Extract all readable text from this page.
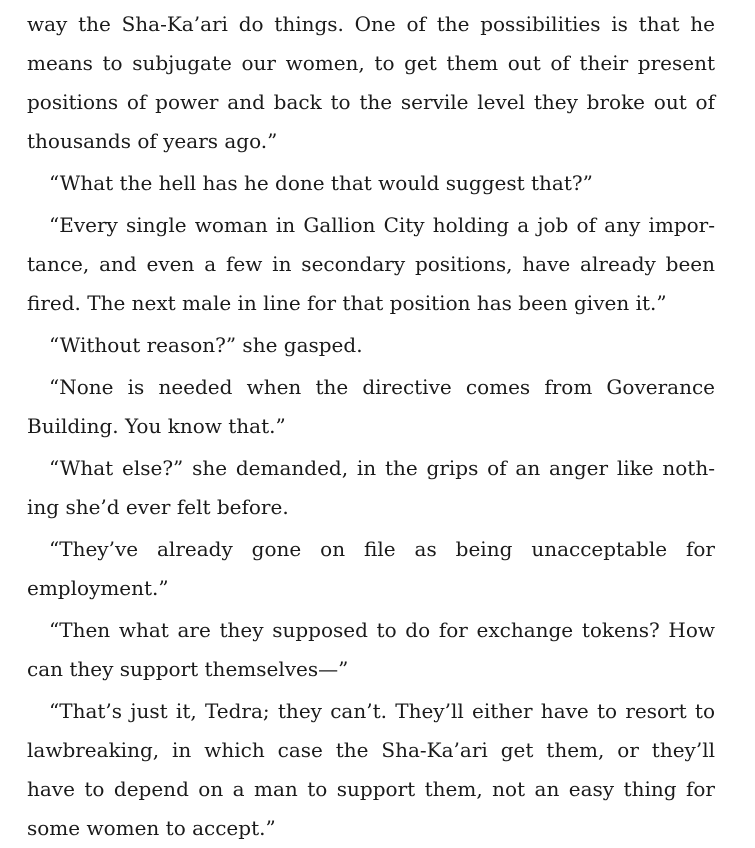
way the Sha-Ka’ari do things. One of the possibilities is that he
means to subjugate our women, to get them out of their present
positions of power and back to the servile level they broke out of
thousands of years ago.”
“What the hell has he done that would suggest that?”
“Every single woman in Gallion City holding a job of any impor-
tance, and even a few in secondary positions, have already been
fired. The next male in line for that position has been given it.”
“Without reason?” she gasped.
“None is needed when the directive comes from Goverance
Building. You know that.”
“What else?” she demanded, in the grips of an anger like noth-
ing she’d ever felt before.
“They’ve already gone on file as being unacceptable for
employment.”
“Then what are they supposed to do for exchange tokens? How
can they support themselves—”
“That’s just it, Tedra; they can’t. They’ll either have to resort to
lawbreaking, in which case the Sha-Ka’ari get them, or they’ll
have to depend on a man to support them, not an easy thing for
some women to accept.”
